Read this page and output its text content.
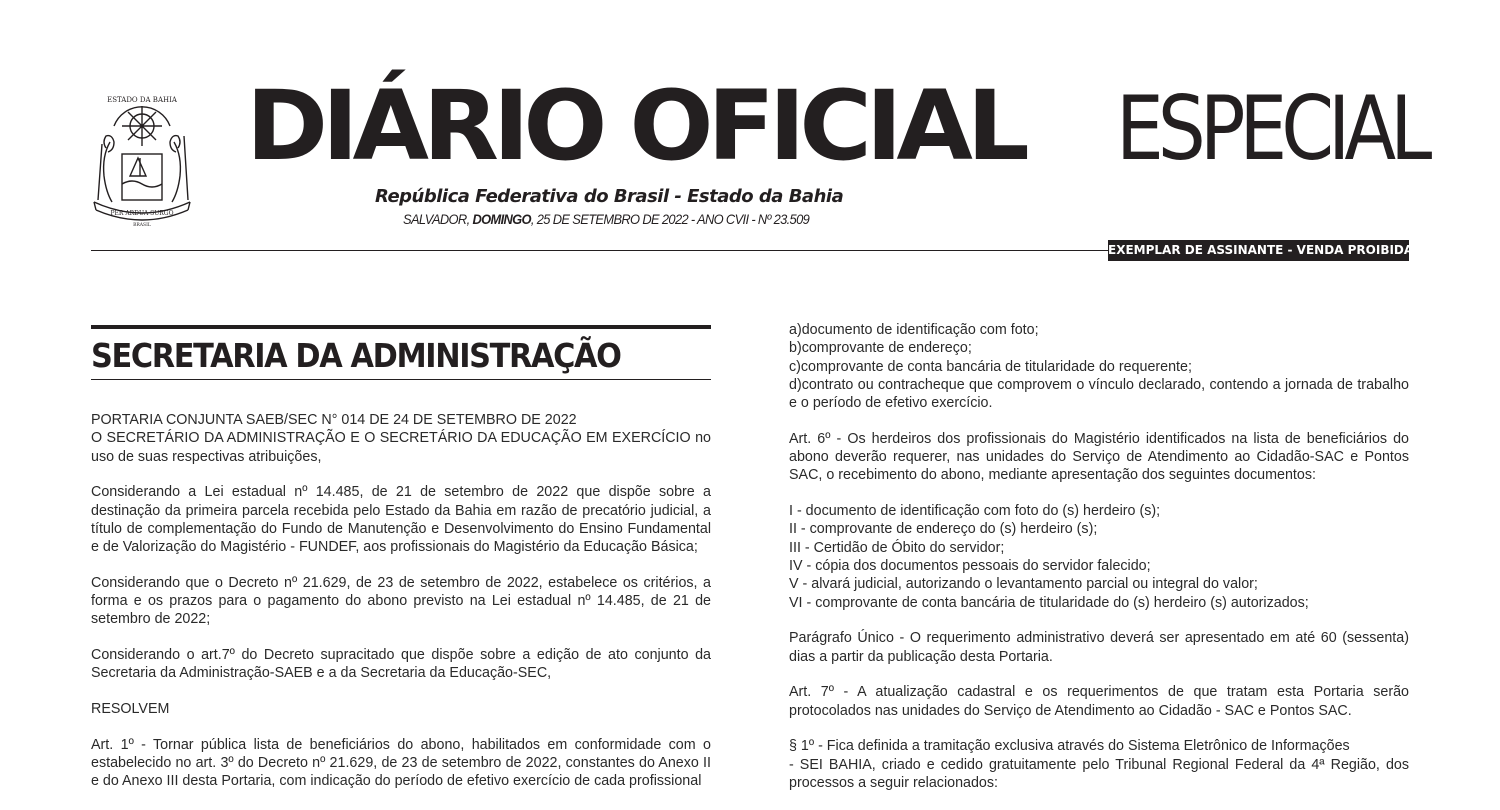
ESTADO DA BAHIA
PER ARDUA SURGO
BRASIL
DIÁRIO OFICIAL ESPECIAL
República Federativa do Brasil - Estado da Bahia
SALVADOR, DOMINGO, 25 DE SETEMBRO DE 2022 - ANO CVII - Nº 23.509
EXEMPLAR DE ASSINANTE - VENDA PROIBIDA
SECRETARIA DA ADMINISTRAÇÃO

PORTARIA CONJUNTA SAEB/SEC N° 014 DE 24 DE SETEMBRO DE 2022

O SECRETÁRIO DA ADMINISTRAÇÃO E O SECRETÁRIO DA EDUCAÇÃO EM EXERCÍCIO no uso de suas respectivas atribuições,

Considerando a Lei estadual nº 14.485, de 21 de setembro de 2022 que dispõe sobre a destinação da primeira parcela recebida pelo Estado da Bahia em razão de precatório judicial, a título de complementação do Fundo de Manutenção e Desenvolvimento do Ensino Fundamental e de Valorização do Magistério - FUNDEF, aos profissionais do Magistério da Educação Básica;

Considerando que o Decreto nº 21.629, de 23 de setembro de 2022, estabelece os critérios, a forma e os prazos para o pagamento do abono previsto na Lei estadual nº 14.485, de 21 de setembro de 2022;

Considerando o art.7º do Decreto supracitado que dispõe sobre a edição de ato conjunto da Secretaria da Administração-SAEB e a da Secretaria da Educação-SEC,

RESOLVEM

Art. 1º - Tornar pública lista de beneficiários do abono, habilitados em conformidade com o estabelecido no art. 3º do Decreto nº 21.629, de 23 de setembro de 2022, constantes do Anexo II e do Anexo III desta Portaria, com indicação do período de efetivo exercício de cada profissional

a)documento de identificação com foto;

b)comprovante de endereço;

c)comprovante de conta bancária de titularidade do requerente;

d)contrato ou contracheque que comprovem o vínculo declarado, contendo a jornada de trabalho e o período de efetivo exercício.

Art. 6º - Os herdeiros dos profissionais do Magistério identificados na lista de beneficiários do abono deverão requerer, nas unidades do Serviço de Atendimento ao Cidadão-SAC e Pontos SAC, o recebimento do abono, mediante apresentação dos seguintes documentos:

I - documento de identificação com foto do (s) herdeiro (s);

II - comprovante de endereço do (s) herdeiro (s);

III - Certidão de Óbito do servidor;

IV - cópia dos documentos pessoais do servidor falecido;

V - alvará judicial, autorizando o levantamento parcial ou integral do valor;

VI - comprovante de conta bancária de titularidade do (s) herdeiro (s) autorizados;

Parágrafo Único - O requerimento administrativo deverá ser apresentado em até 60 (sessenta) dias a partir da publicação desta Portaria.

Art. 7º - A atualização cadastral e os requerimentos de que tratam esta Portaria serão protocolados nas unidades do Serviço de Atendimento ao Cidadão - SAC e Pontos SAC.

§ 1º - Fica definida a tramitação exclusiva através do Sistema Eletrônico de Informações

- SEI BAHIA, criado e cedido gratuitamente pelo Tribunal Regional Federal da 4ª Região, dos processos a seguir relacionados:
